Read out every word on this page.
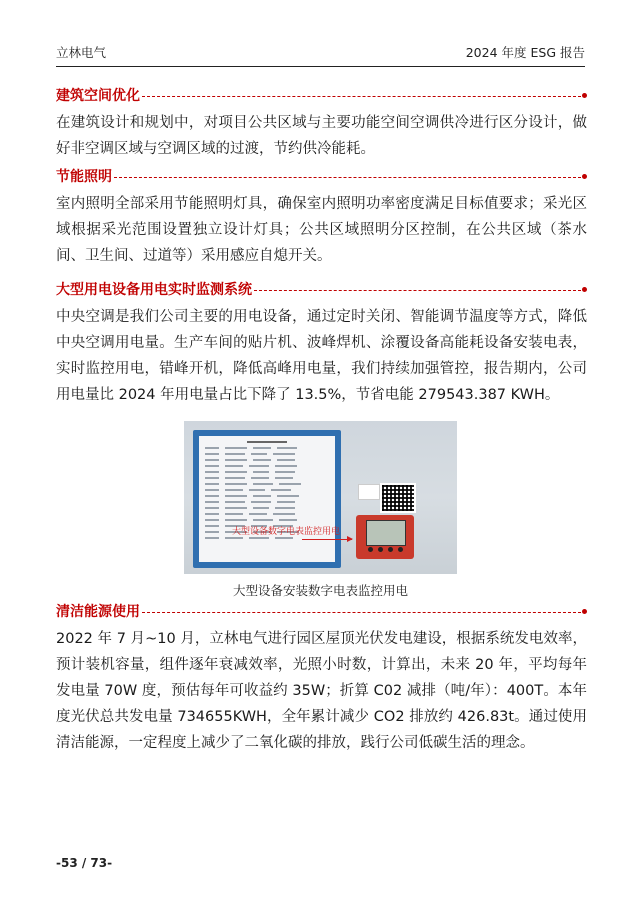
立林电气	2024 年度 ESG 报告
建筑空间优化
在建筑设计和规划中，对项目公共区域与主要功能空间空调供冷进行区分设计，做好非空调区域与空调区域的过渡，节约供冷能耗。
节能照明
室内照明全部采用节能照明灯具，确保室内照明功率密度满足目标值要求；采光区域根据采光范围设置独立设计灯具；公共区域照明分区控制，在公共区域（茶水间、卫生间、过道等）采用感应自熄开关。
大型用电设备用电实时监测系统
中央空调是我们公司主要的用电设备，通过定时关闭、智能调节温度等方式，降低中央空调用电量。生产车间的贴片机、波峰焊机、涂覆设备高能耗设备安装电表，实时监控用电，错峰开机，降低高峰用电量，我们持续加强管控，报告期内，公司用电量比 2024 年用电量占比下降了 13.5%，节省电能 279543.387 KWH。
大型设备数字电表监控用电
大型设备安装数字电表监控用电
清洁能源使用
2022 年 7 月~10 月，立林电气进行园区屋顶光伏发电建设，根据系统发电效率，预计装机容量，组件逐年衰减效率，光照小时数，计算出，未来 20 年，平均每年发电量 70W 度，预估每年可收益约 35W；折算 C02 减排（吨/年）：400T。本年度光伏总共发电量 734655KWH，全年累计减少 CO2 排放约 426.83t。通过使用清洁能源，一定程度上减少了二氧化碳的排放，践行公司低碳生活的理念。
-53 / 73-
